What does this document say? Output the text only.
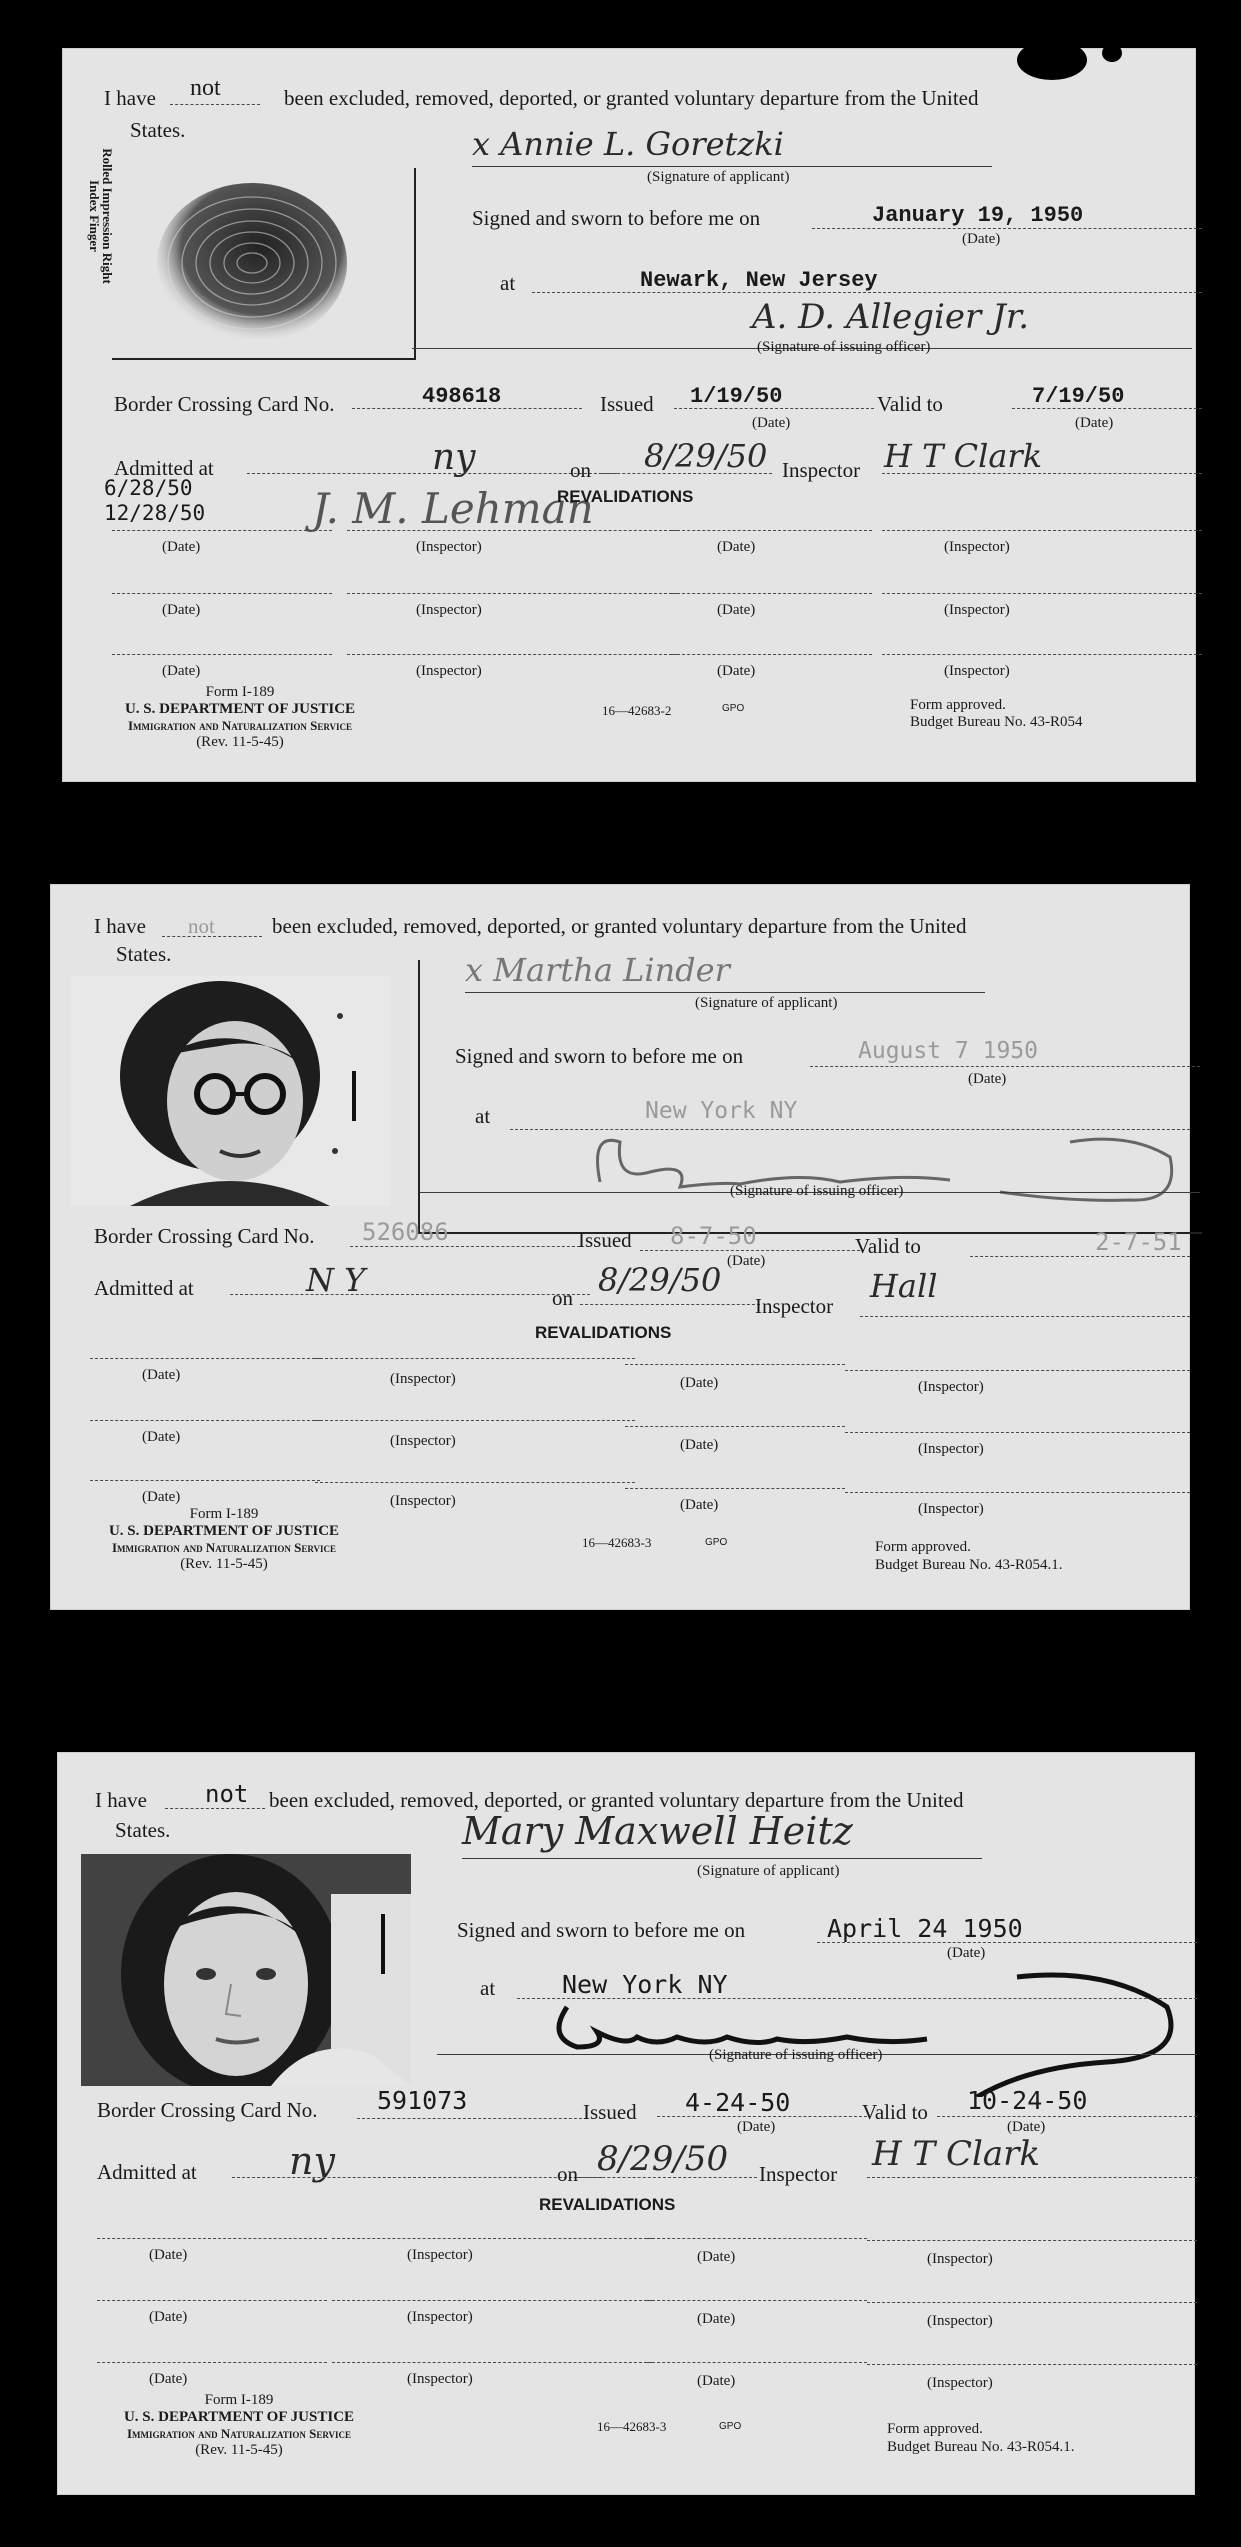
I have not	been excluded, removed, deported, or granted voluntary departure from the United
States.	x Annie L. Goretzki
(Signature of applicant)
Rolled Impression Right Index Finger	Signed and sworn to before me on	January 19, 1950
(Date)
at	Newark, New Jersey
A. D. Allegier Jr.
(Signature of issuing officer)
Border Crossing Card No.	498618	Issued 1/19/50
(Date)
Valid to	7/19/50
(Date)
Admitted at	ny	on 8/29/50 Inspector H T Clark
6/28/50
12/28/50	J. M. Lehman
REVALIDATIONS
(Date)	(Inspector)	(Date)	(Inspector)
(Date)	(Inspector)	(Date)	(Inspector)
(Date)	(Inspector)	(Date)	(Inspector)
Form I-189
U. S. DEPARTMENT OF JUSTICE
Immigration and Naturalization Service
(Rev. 11-5-45)
16—42683-2	GPO	Form approved.
Budget Bureau No. 43-R054
I have not	been excluded, removed, deported, or granted voluntary departure from the United
States.	x Martha Linder
(Signature of applicant)
Signed and sworn to before me on	August 7 1950
(Date)
at	New York NY
(Signature of issuing officer)
Border Crossing Card No. 526086	Issued 8-7-50
(Date)
Valid to	2-7-51
Admitted at	N Y	on 8/29/50
Inspector
Hall
REVALIDATIONS
(Date)	(Inspector)	(Date)	(Inspector)
(Date)	(Inspector)	(Date)	(Inspector)
(Date)	(Inspector)	(Date)	(Inspector)
Form I-189
U. S. DEPARTMENT OF JUSTICE
Immigration and Naturalization Service
(Rev. 11-5-45)
16—42683-3	GPO	Form approved.
Budget Bureau No. 43-R054.1.
I have not been excluded, removed, deported, or granted voluntary departure from the United
States.	Mary Maxwell Heitz
(Signature of applicant)
Signed and sworn to before me on	April 24 1950
(Date)
at	New York NY
(Signature of issuing officer)
Border Crossing Card No. 591073	Issued 4-24-50
(Date)
Valid to 10-24-50
(Date)
Admitted at ny	on 8/29/50 Inspector H T Clark
REVALIDATIONS
(Date)	(Inspector)	(Date)	(Inspector)
(Date)	(Inspector)	(Date)	(Inspector)
(Date)	(Inspector)	(Date)	(Inspector)
Form I-189
U. S. DEPARTMENT OF JUSTICE
Immigration and Naturalization Service
(Rev. 11-5-45)
16—42683-3	GPO	Form approved.
Budget Bureau No. 43-R054.1.
